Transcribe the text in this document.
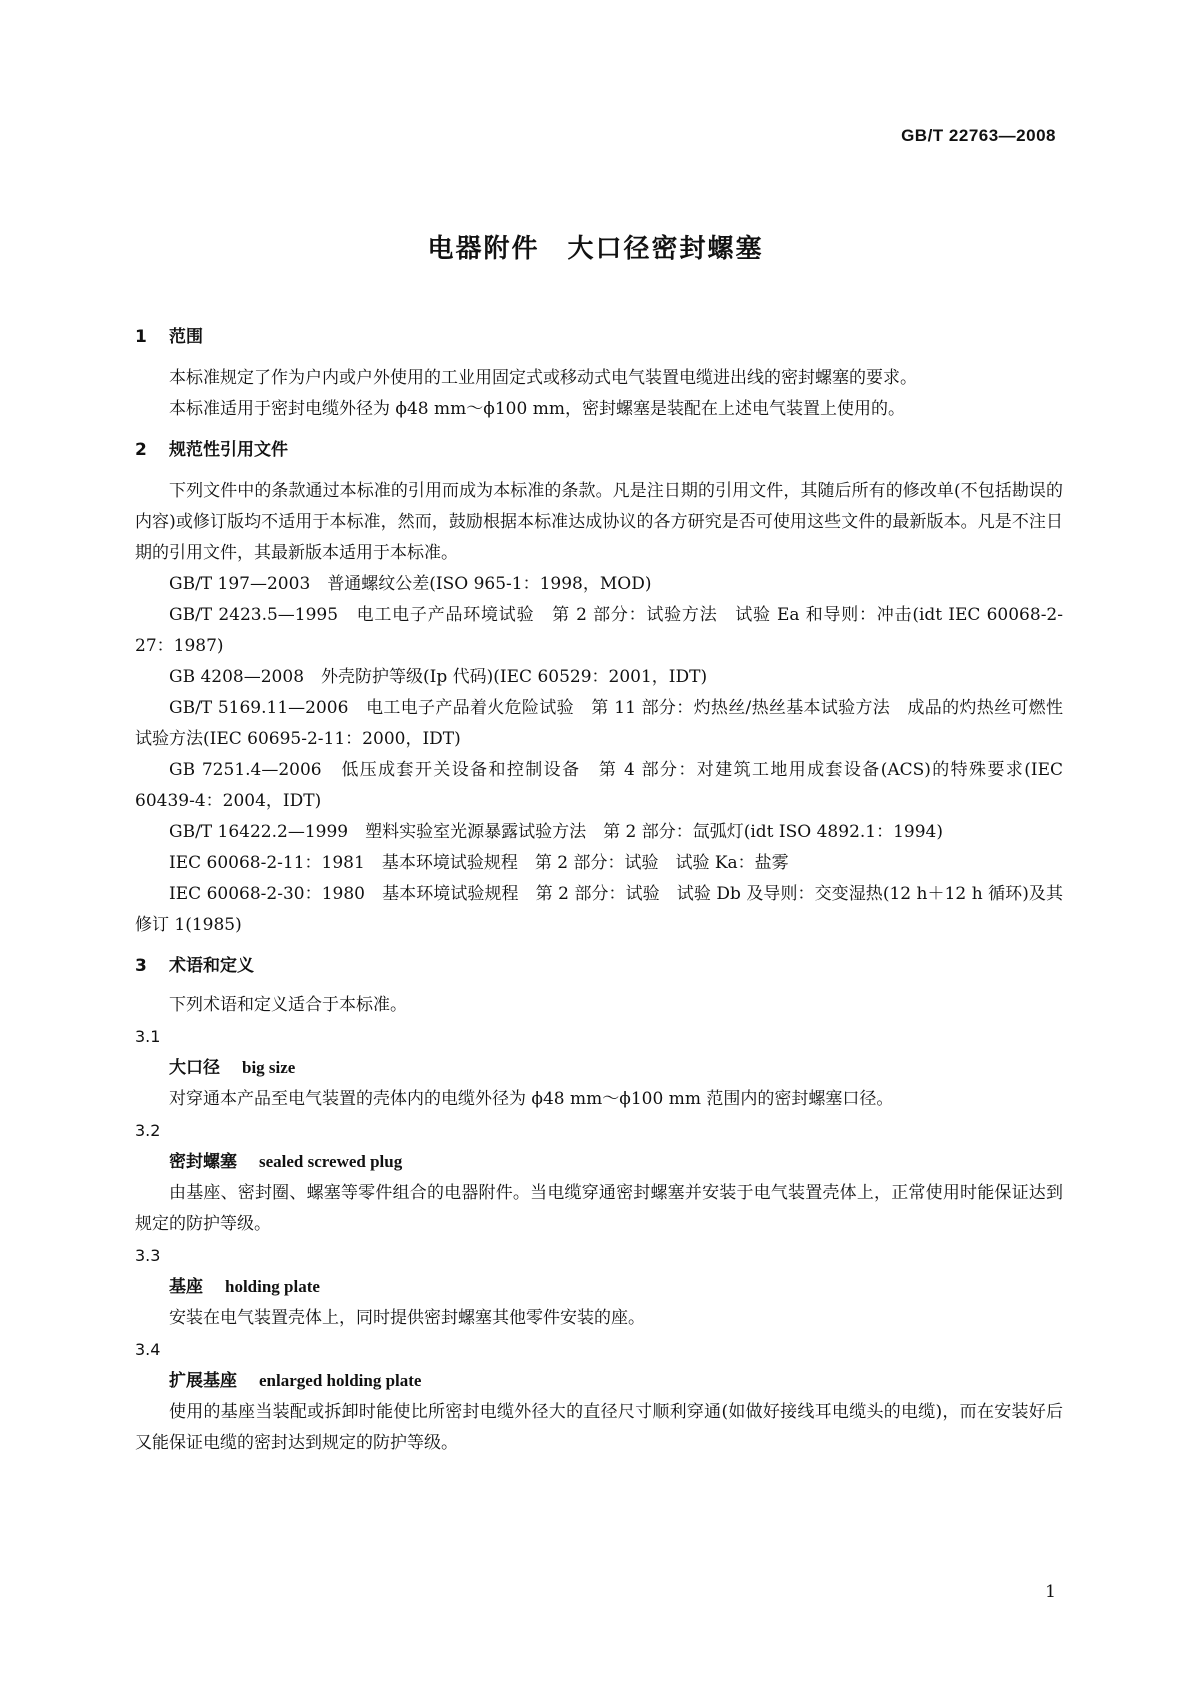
GB/T 22763—2008
电器附件　大口径密封螺塞
1 范围

本标准规定了作为户内或户外使用的工业用固定式或移动式电气装置电缆进出线的密封螺塞的要求。

本标准适用于密封电缆外径为 ϕ48 mm～ϕ100 mm，密封螺塞是装配在上述电气装置上使用的。

2 规范性引用文件

下列文件中的条款通过本标准的引用而成为本标准的条款。凡是注日期的引用文件，其随后所有的修改单(不包括勘误的内容)或修订版均不适用于本标准，然而，鼓励根据本标准达成协议的各方研究是否可使用这些文件的最新版本。凡是不注日期的引用文件，其最新版本适用于本标准。

GB/T 197—2003　普通螺纹公差(ISO 965-1：1998，MOD)

GB/T 2423.5—1995　电工电子产品环境试验　第 2 部分：试验方法　试验 Ea 和导则：冲击(idt IEC 60068-2-27：1987)

GB 4208—2008　外壳防护等级(Ip 代码)(IEC 60529：2001，IDT)

GB/T 5169.11—2006　电工电子产品着火危险试验　第 11 部分：灼热丝/热丝基本试验方法　成品的灼热丝可燃性试验方法(IEC 60695-2-11：2000，IDT)

GB 7251.4—2006　低压成套开关设备和控制设备　第 4 部分：对建筑工地用成套设备(ACS)的特殊要求(IEC 60439-4：2004，IDT)

GB/T 16422.2—1999　塑料实验室光源暴露试验方法　第 2 部分：氙弧灯(idt ISO 4892.1：1994)

IEC 60068-2-11：1981　基本环境试验规程　第 2 部分：试验　试验 Ka：盐雾

IEC 60068-2-30：1980　基本环境试验规程　第 2 部分：试验　试验 Db 及导则：交变湿热(12 h＋12 h 循环)及其修订 1(1985)

3 术语和定义

下列术语和定义适合于本标准。

3.1

大口径 big size

对穿通本产品至电气装置的壳体内的电缆外径为 ϕ48 mm～ϕ100 mm 范围内的密封螺塞口径。

3.2

密封螺塞 sealed screwed plug

由基座、密封圈、螺塞等零件组合的电器附件。当电缆穿通密封螺塞并安装于电气装置壳体上，正常使用时能保证达到规定的防护等级。

3.3

基座 holding plate

安装在电气装置壳体上，同时提供密封螺塞其他零件安装的座。

3.4

扩展基座 enlarged holding plate

使用的基座当装配或拆卸时能使比所密封电缆外径大的直径尺寸顺利穿通(如做好接线耳电缆头的电缆)，而在安装好后又能保证电缆的密封达到规定的防护等级。

1
